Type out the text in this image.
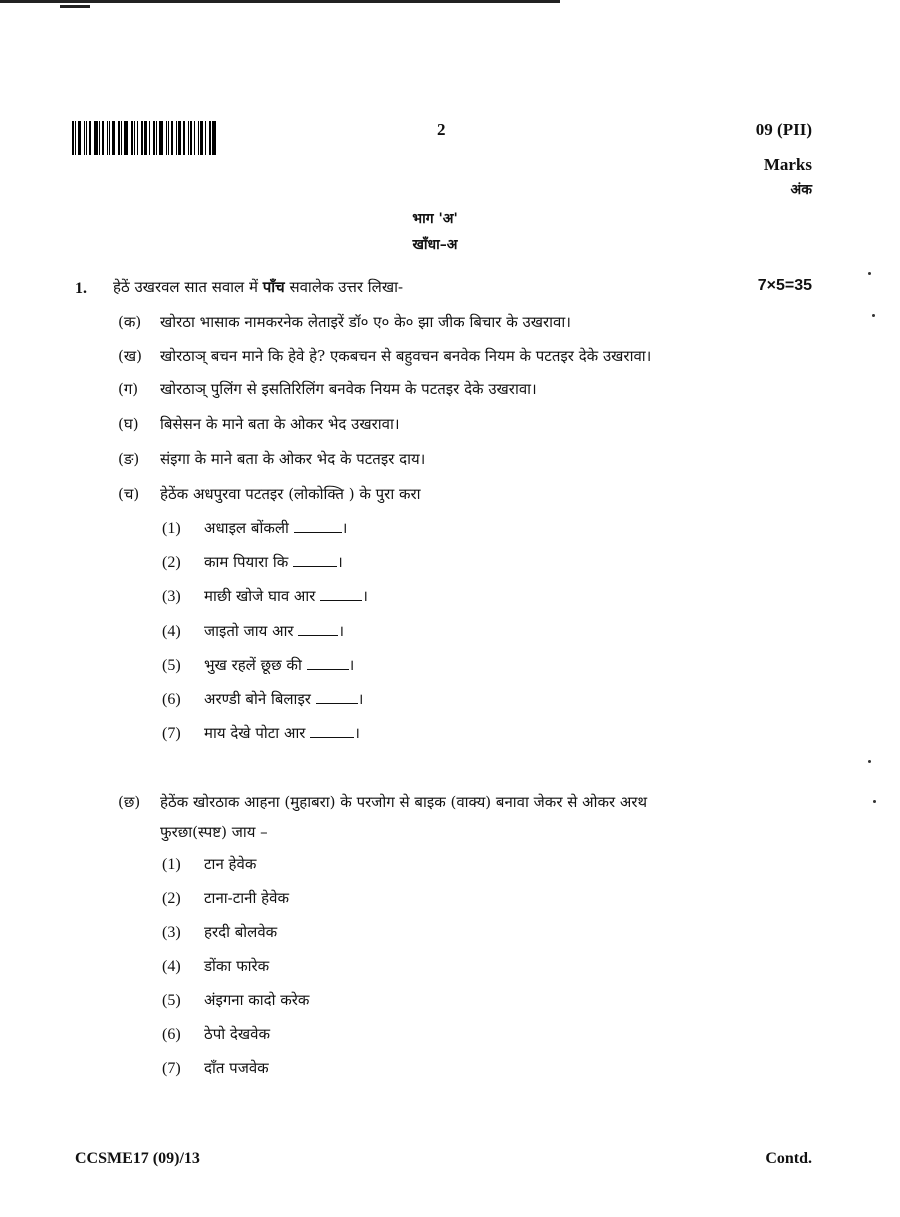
2	09 (PII)
Marks
अंक
भाग 'अ'
खाँधा–अ
1. हेठें उखरवल सात सवाल में पाँच सवालेक उत्तर लिखा-	7×5=35
(क) खोरठा भासाक नामकरनेक लेताइरें डॉ० ए० के० झा जीक बिचार के उखरावा।
(ख) खोरठाञ् बचन माने कि हेवे हे? एकबचन से बहुवचन बनवेक नियम के पटतइर देके उखरावा।
(ग) खोरठाञ् पुलिंग से इसतिरिलिंग बनवेक नियम के पटतइर देके उखरावा।
(घ) बिसेसन के माने बता के ओकर भेद उखरावा।
(ङ) संइगा के माने बता के ओकर भेद के पटतइर दाय।
(च) हेठेंक अधपुरवा पटतइर (लोकोक्ति ) के पुरा करा
(1) अधाइल बोंकली	।
(2) काम पियारा कि	।
(3) माछी खोजे घाव आर	।
(4) जाइतो जाय आर	।
(5) भुख रहलें छूछ की	।
(6) अरण्डी बोने बिलाइर	।
(7) माय देखे पोटा आर	।
(छ) हेठेंक खोरठाक आहना (मुहाबरा) के परजोग से बाइक (वाक्य) बनावा जेकर से ओकर अरथ
फुरछा(स्पष्ट) जाय –
(1) टान हेवेक
(2) टाना-टानी हेवेक
(3) हरदी बोलवेक
(4) डोंका फारेक
(5) अंइगना कादो करेक
(6) ठेपो देखवेक
(7) दाँत पजवेक
CCSME17 (09)/13	Contd.
